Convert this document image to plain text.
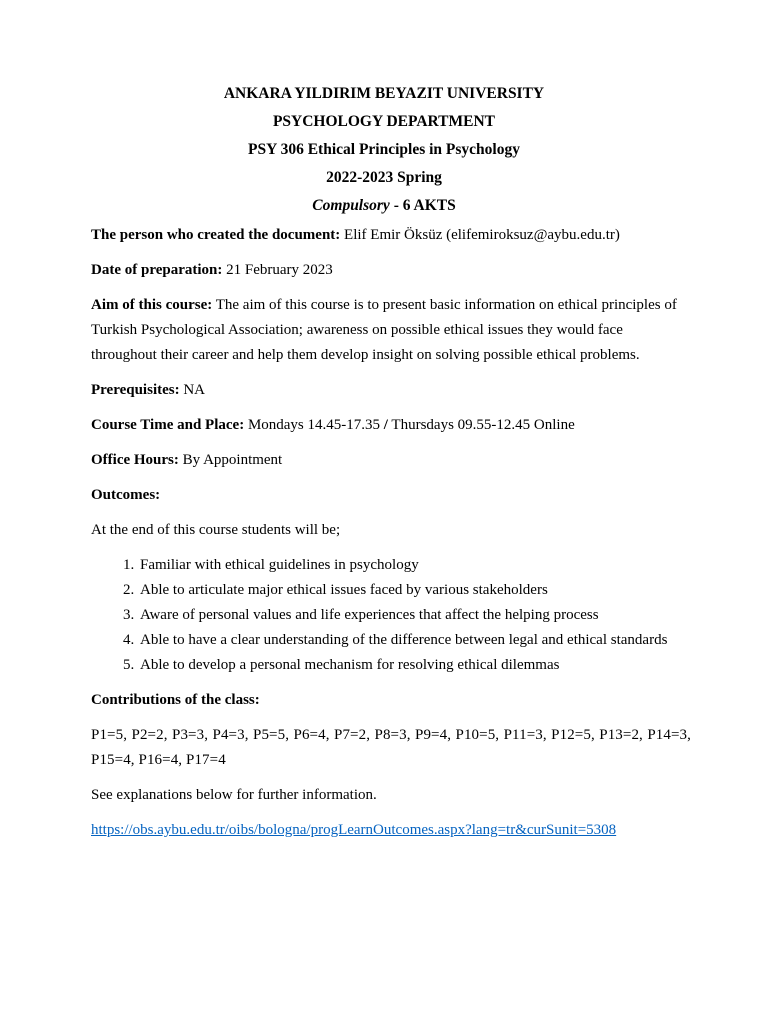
ANKARA YILDIRIM BEYAZIT UNIVERSITY
PSYCHOLOGY DEPARTMENT
PSY 306 Ethical Principles in Psychology
2022-2023 Spring
Compulsory - 6 AKTS

The person who created the document: Elif Emir Öksüz (elifemiroksuz@aybu.edu.tr)

Date of preparation: 21 February 2023

Aim of this course: The aim of this course is to present basic information on ethical principles of Turkish Psychological Association; awareness on possible ethical issues they would face throughout their career and help them develop insight on solving possible ethical problems.

Prerequisites: NA

Course Time and Place: Mondays 14.45-17.35 / Thursdays 09.55-12.45 Online

Office Hours: By Appointment

Outcomes:

At the end of this course students will be;

1. Familiar with ethical guidelines in psychology
2. Able to articulate major ethical issues faced by various stakeholders
3. Aware of personal values and life experiences that affect the helping process
4. Able to have a clear understanding of the difference between legal and ethical standards
5. Able to develop a personal mechanism for resolving ethical dilemmas

Contributions of the class:

P1=5, P2=2, P3=3, P4=3, P5=5, P6=4, P7=2, P8=3, P9=4, P10=5, P11=3, P12=5, P13=2, P14=3, P15=4, P16=4, P17=4

See explanations below for further information.

https://obs.aybu.edu.tr/oibs/bologna/progLearnOutcomes.aspx?lang=tr&curSunit=5308
